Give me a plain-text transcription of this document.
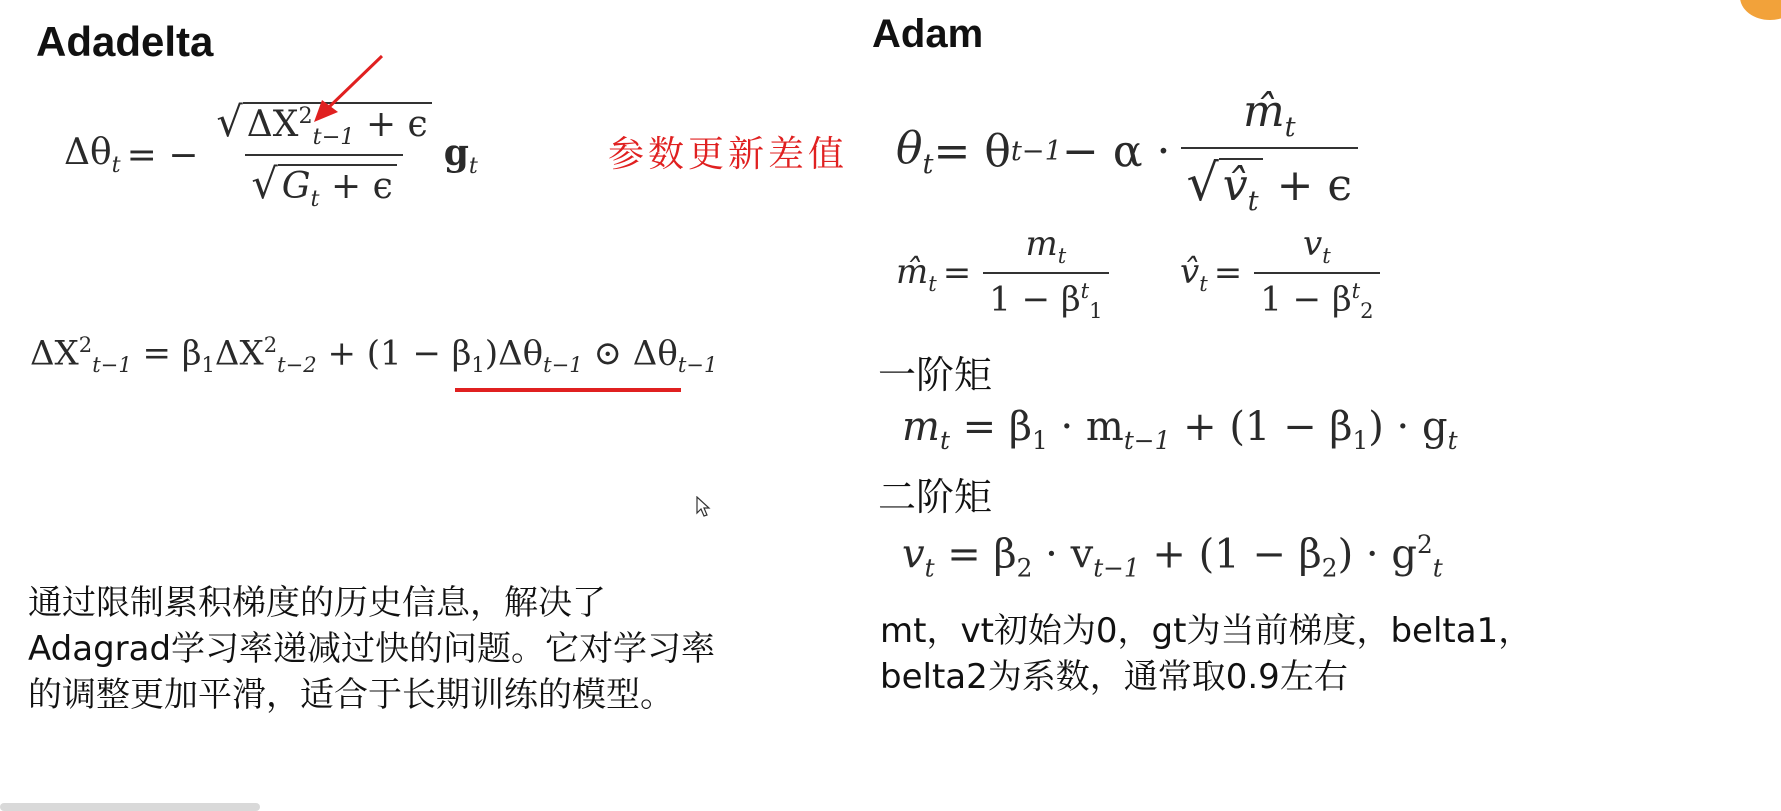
Adadelta
$\Delta\theta_t$ = − $\frac{√ \Delta X^2_{t-1} + \epsilon}{√ G_t + \epsilon} g_t$	参数更新差值
$\Delta X^2_{t-1} = \beta_1\Delta X^2_{t-2} + (1 - \beta_1)\Delta\theta_{t-1}$ ⊙ $\Delta\theta_{t-1}$
通过限制累积梯度的历史信息，解决了
Adagrad学习率递减过快的问题。它对学习率
的调整更加平滑，适合于长期训练的模型。
Adam
$\theta_t = \theta$ $t-1 - \alpha \cdot \frac{m̂_t}{√v̂_t + \epsilon}$
$m̂_t = \frac{m_t}{1 - \beta^t_1}$ $v̂_t = \frac{v_t}{1 - \beta^t_2}$
一阶矩
$m_t = \beta_1 \cdot m_{t-1} + (1 - \beta_1) \cdot g_t$
二阶矩
$v_t = \beta_2 \cdot v_{t-1} + (1 - \beta_2) \cdot g^2_t$
mt，vt初始为0，gt为当前梯度，belta1，
belta2为系数，通常取0.9左右
